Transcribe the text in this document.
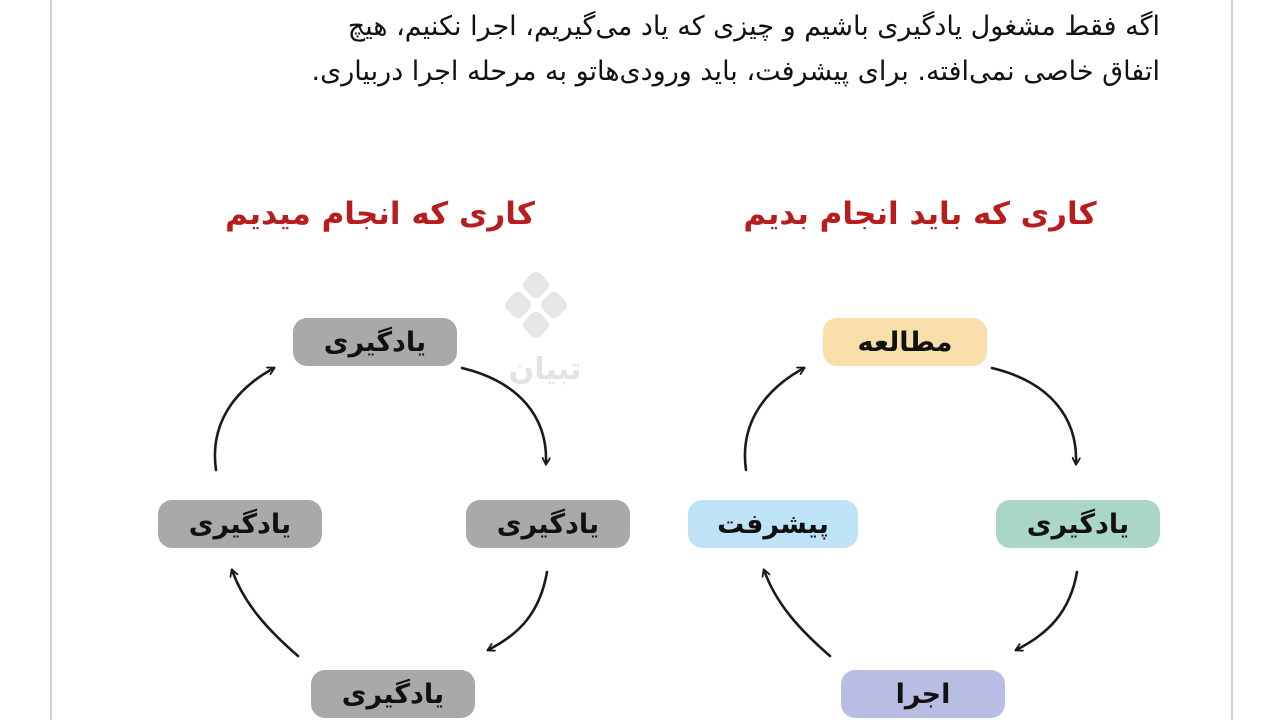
اگه فقط مشغول یادگیری باشیم و چیزی که یاد می‌گیریم، اجرا نکنیم، هیچ
اتفاق خاصی نمی‌افته. برای پیشرفت، باید ورودی‌هاتو به مرحله اجرا دربیاری.
کاری که انجام میدیم	کاری که باید انجام بدیم
تبیان
یادگیری
یادگیری
یادگیری
یادگیری
مطالعه
یادگیری
اجرا
پیشرفت
